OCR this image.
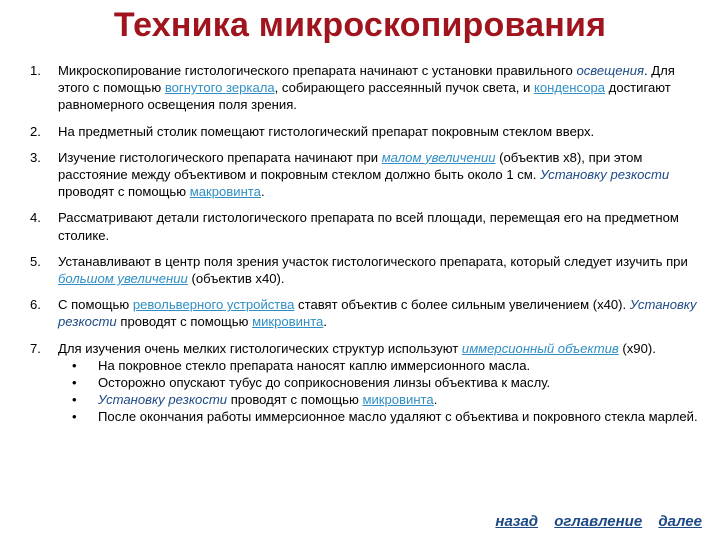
Техника микроскопирования
1. Микроскопирование гистологического препарата начинают с установки правильного освещения. Для этого с помощью вогнутого зеркала, собирающего рассеянный пучок света, и конденсора достигают равномерного освещения поля зрения.
2. На предметный столик помещают гистологический препарат покровным стеклом вверх.
3. Изучение гистологического препарата начинают при малом увеличении (объектив х8), при этом расстояние между объективом и покровным стеклом должно быть около 1 см. Установку резкости проводят с помощью макровинта.
4. Рассматривают детали гистологического препарата по всей площади, перемещая его на предметном столике.
5. Устанавливают в центр поля зрения участок гистологического препарата, который следует изучить при большом увеличении (объектив х40).
6. С помощью револьверного устройства ставят объектив с более сильным увеличением (х40). Установку резкости проводят с помощью микровинта.
7. Для изучения очень мелких гистологических структур используют иммерсионный объектив (х90).
• На покровное стекло препарата наносят каплю иммерсионного масла.
• Осторожно опускают тубус до соприкосновения линзы объектива к маслу.
• Установку резкости проводят с помощью микровинта.
• После окончания работы иммерсионное масло удаляют с объектива и покровного стекла марлей.
назад оглавление далее
